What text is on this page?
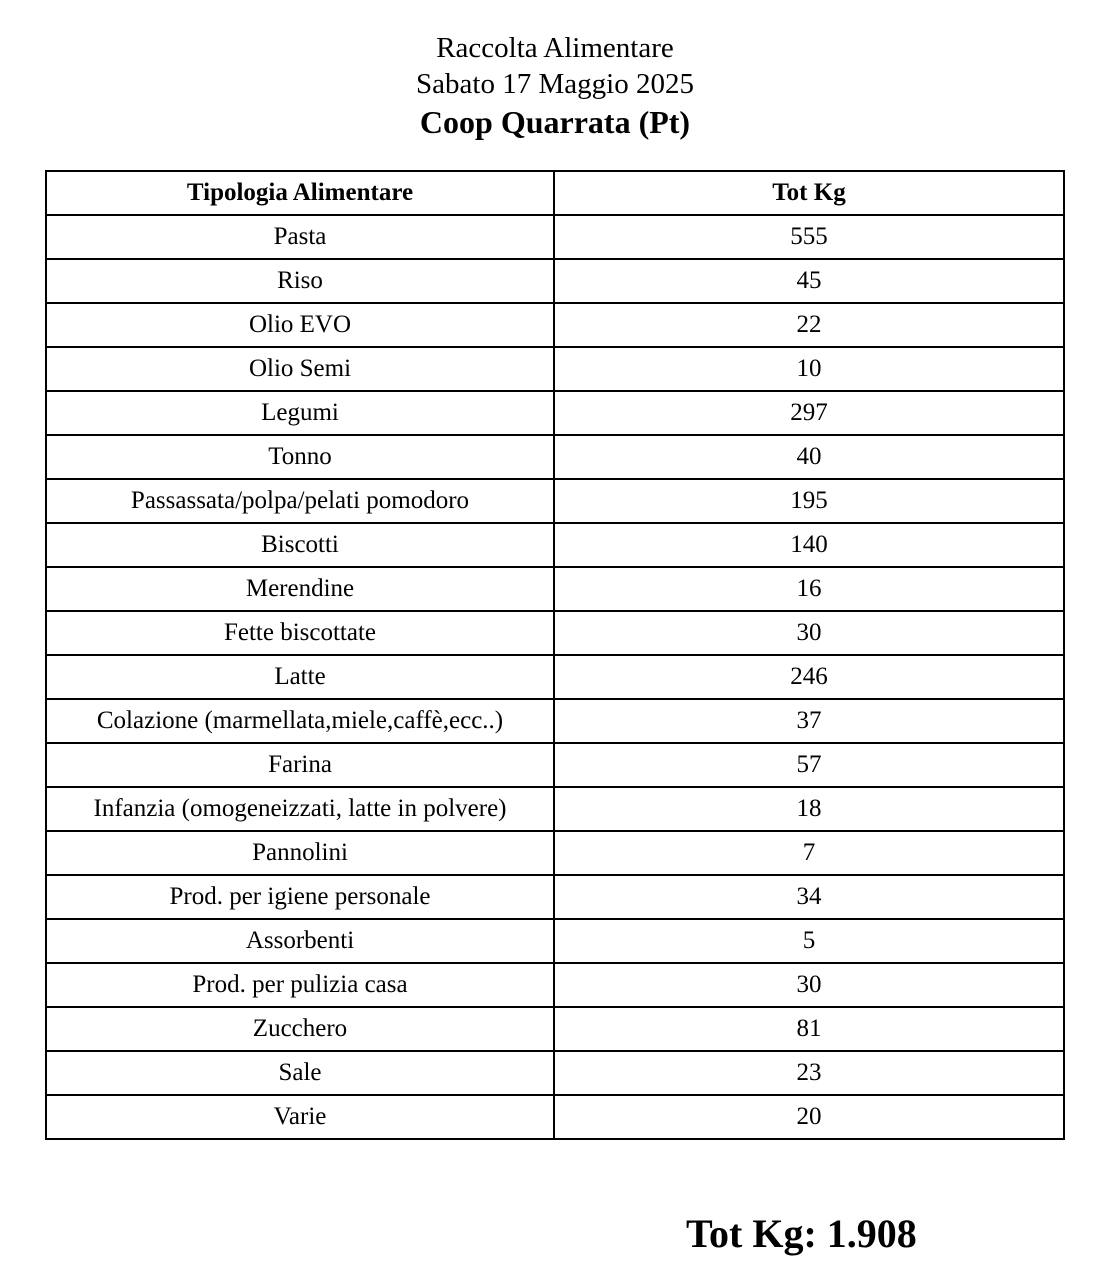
Raccolta Alimentare
Sabato 17 Maggio 2025
Coop Quarrata (Pt)
Tipologia Alimentare	Tot Kg
Pasta	555
Riso	45
Olio EVO	22
Olio Semi	10
Legumi	297
Tonno	40
Passassata/polpa/pelati pomodoro	195
Biscotti	140
Merendine	16
Fette biscottate	30
Latte	246
Colazione (marmellata,miele,caffè,ecc..)	37
Farina	57
Infanzia (omogeneizzati, latte in polvere)	18
Pannolini	7
Prod. per igiene personale	34
Assorbenti	5
Prod. per pulizia casa	30
Zucchero	81
Sale	23
Varie	20
Tot Kg: 1.908
